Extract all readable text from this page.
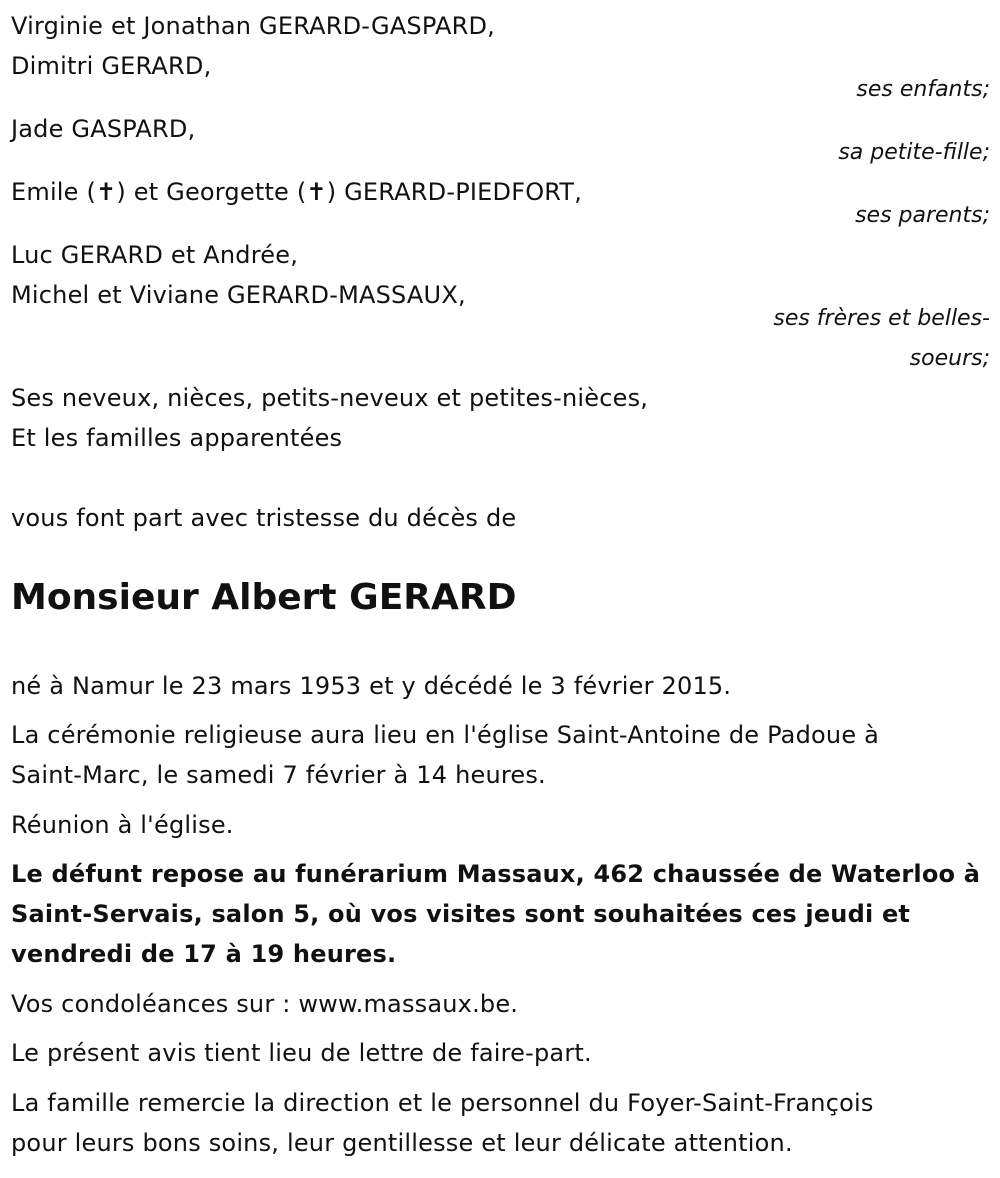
Virginie et Jonathan GERARD-GASPARD,
Dimitri GERARD,
ses enfants;
Jade GASPARD,
sa petite-fille;
Emile (✝) et Georgette (✝) GERARD-PIEDFORT,
ses parents;
Luc GERARD et Andrée,
Michel et Viviane GERARD-MASSAUX,
ses frères et belles-
soeurs;
Ses neveux, nièces, petits-neveux et petites-nièces,
Et les familles apparentées
vous font part avec tristesse du décès de
Monsieur Albert GERARD
né à Namur le 23 mars 1953 et y décédé le 3 février 2015.
La cérémonie religieuse aura lieu en l'église Saint-Antoine de Padoue à
Saint-Marc, le samedi 7 février à 14 heures.
Réunion à l'église.
Le défunt repose au funérarium Massaux, 462 chaussée de Waterloo à
Saint-Servais, salon 5, où vos visites sont souhaitées ces jeudi et
vendredi de 17 à 19 heures.
Vos condoléances sur : www.massaux.be.
Le présent avis tient lieu de lettre de faire-part.
La famille remercie la direction et le personnel du Foyer-Saint-François
pour leurs bons soins, leur gentillesse et leur délicate attention.
